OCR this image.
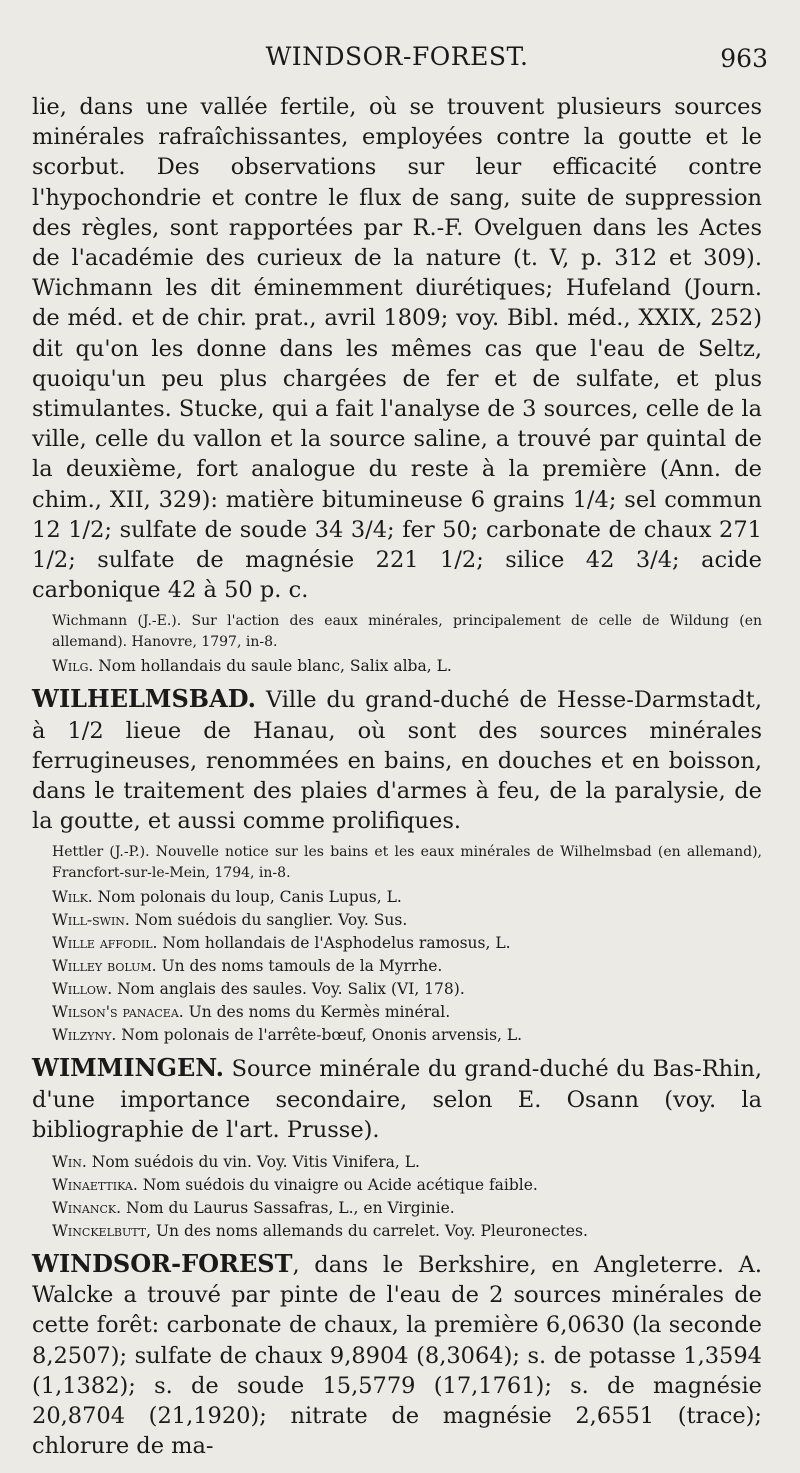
WINDSOR-FOREST.	963

lie, dans une vallée fertile, où se trouvent plusieurs sources minérales rafraîchissantes, employées contre la goutte et le scorbut. Des observations sur leur efficacité contre l'hypochondrie et contre le flux de sang, suite de suppression des règles, sont rapportées par R.-F. Ovelguen dans les Actes de l'académie des curieux de la nature (t. V, p. 312 et 309). Wichmann les dit éminemment diurétiques; Hufeland (Journ. de méd. et de chir. prat., avril 1809; voy. Bibl. méd., XXIX, 252) dit qu'on les donne dans les mêmes cas que l'eau de Seltz, quoiqu'un peu plus chargées de fer et de sulfate, et plus stimulantes. Stucke, qui a fait l'analyse de 3 sources, celle de la ville, celle du vallon et la source saline, a trouvé par quintal de la deuxième, fort analogue du reste à la première (Ann. de chim., XII, 329): matière bitumineuse 6 grains 1/4; sel commun 12 1/2; sulfate de soude 34 3/4; fer 50; carbonate de chaux 271 1/2; sulfate de magnésie 221 1/2; silice 42 3/4; acide carbonique 42 à 50 p. c.

Wichmann (J.-E.). Sur l'action des eaux minérales, principalement de celle de Wildung (en allemand). Hanovre, 1797, in-8.

Wilg. Nom hollandais du saule blanc, Salix alba, L.

WILHELMSBAD. Ville du grand-duché de Hesse-Darmstadt, à 1/2 lieue de Hanau, où sont des sources minérales ferrugineuses, renommées en bains, en douches et en boisson, dans le traitement des plaies d'armes à feu, de la paralysie, de la goutte, et aussi comme prolifiques.

Hettler (J.-P.). Nouvelle notice sur les bains et les eaux minérales de Wilhelmsbad (en allemand), Francfort-sur-le-Mein, 1794, in-8.

Wilk. Nom polonais du loup, Canis Lupus, L.

Will-swin. Nom suédois du sanglier. Voy. Sus.

Wille affodil. Nom hollandais de l'Asphodelus ramosus, L.

Willey bolum. Un des noms tamouls de la Myrrhe.

Willow. Nom anglais des saules. Voy. Salix (VI, 178).

Wilson's panacea. Un des noms du Kermès minéral.

Wilzyny. Nom polonais de l'arrête-bœuf, Ononis arvensis, L.

WIMMINGEN. Source minérale du grand-duché du Bas-Rhin, d'une importance secondaire, selon E. Osann (voy. la bibliographie de l'art. Prusse).

Win. Nom suédois du vin. Voy. Vitis Vinifera, L.

Winaettika. Nom suédois du vinaigre ou Acide acétique faible.

Winanck. Nom du Laurus Sassafras, L., en Virginie.

Winckelbutt, Un des noms allemands du carrelet. Voy. Pleuronectes.

WINDSOR-FOREST, dans le Berkshire, en Angleterre. A. Walcke a trouvé par pinte de l'eau de 2 sources minérales de cette forêt: carbonate de chaux, la première 6,0630 (la seconde 8,2507); sulfate de chaux 9,8904 (8,3064); s. de potasse 1,3594 (1,1382); s. de soude 15,5779 (17,1761); s. de magnésie 20,8704 (21,1920); nitrate de magnésie 2,6551 (trace); chlorure de ma-
